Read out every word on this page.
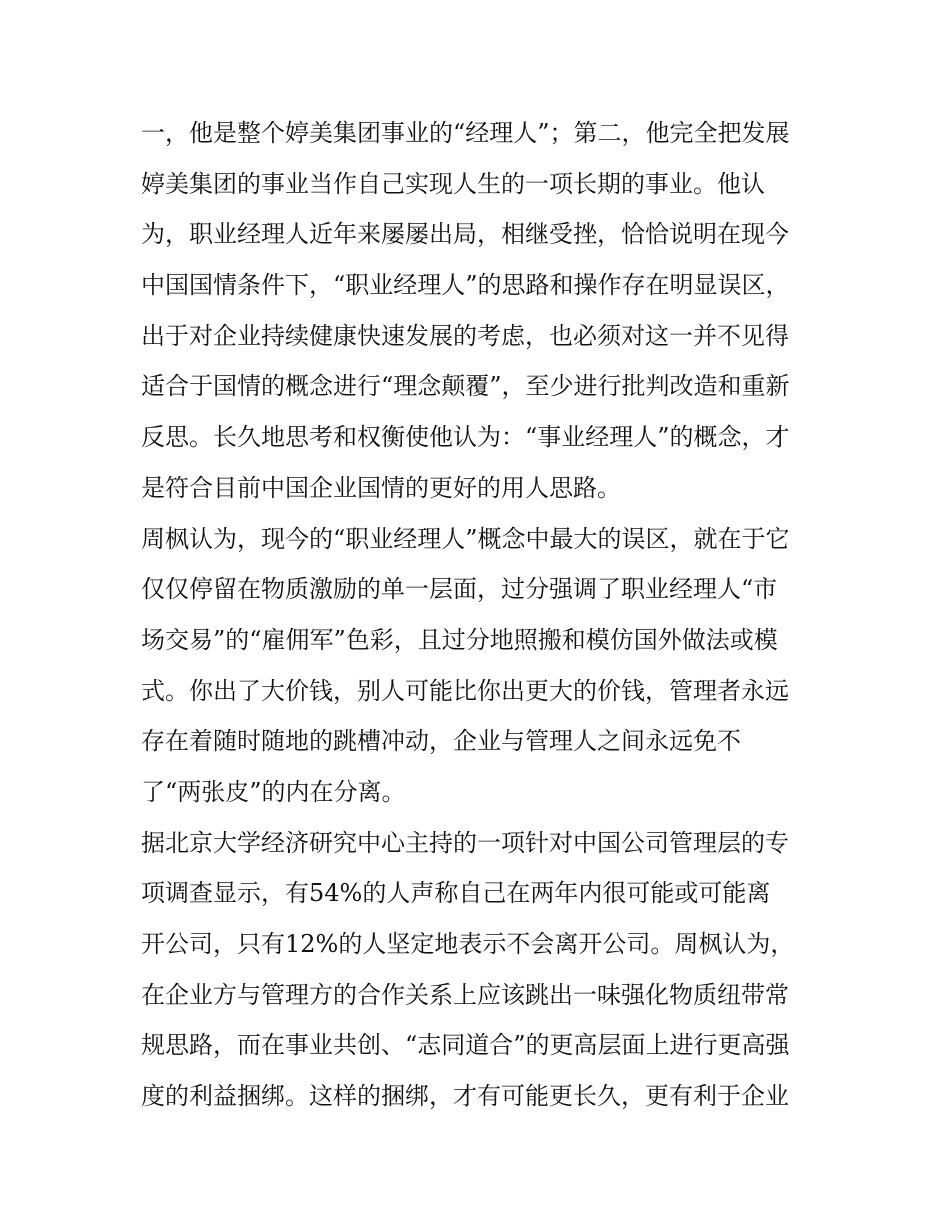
一，他是整个婷美集团事业的“经理人”；第二，他完全把发展
婷美集团的事业当作自己实现人生的一项长期的事业。他认
为，职业经理人近年来屡屡出局，相继受挫，恰恰说明在现今
中国国情条件下，“职业经理人”的思路和操作存在明显误区，
出于对企业持续健康快速发展的考虑，也必须对这一并不见得
适合于国情的概念进行“理念颠覆”，至少进行批判改造和重新
反思。长久地思考和权衡使他认为：“事业经理人”的概念，才
是符合目前中国企业国情的更好的用人思路。
周枫认为，现今的“职业经理人”概念中最大的误区，就在于它
仅仅停留在物质激励的单一层面，过分强调了职业经理人“市
场交易”的“雇佣军”色彩，且过分地照搬和模仿国外做法或模
式。你出了大价钱，别人可能比你出更大的价钱，管理者永远
存在着随时随地的跳槽冲动，企业与管理人之间永远免不
了“两张皮”的内在分离。
据北京大学经济研究中心主持的一项针对中国公司管理层的专
项调查显示，有54%的人声称自己在两年内很可能或可能离
开公司，只有12%的人坚定地表示不会离开公司。周枫认为，
在企业方与管理方的合作关系上应该跳出一味强化物质纽带常
规思路，而在事业共创、“志同道合”的更高层面上进行更高强
度的利益捆绑。这样的捆绑，才有可能更长久，更有利于企业
